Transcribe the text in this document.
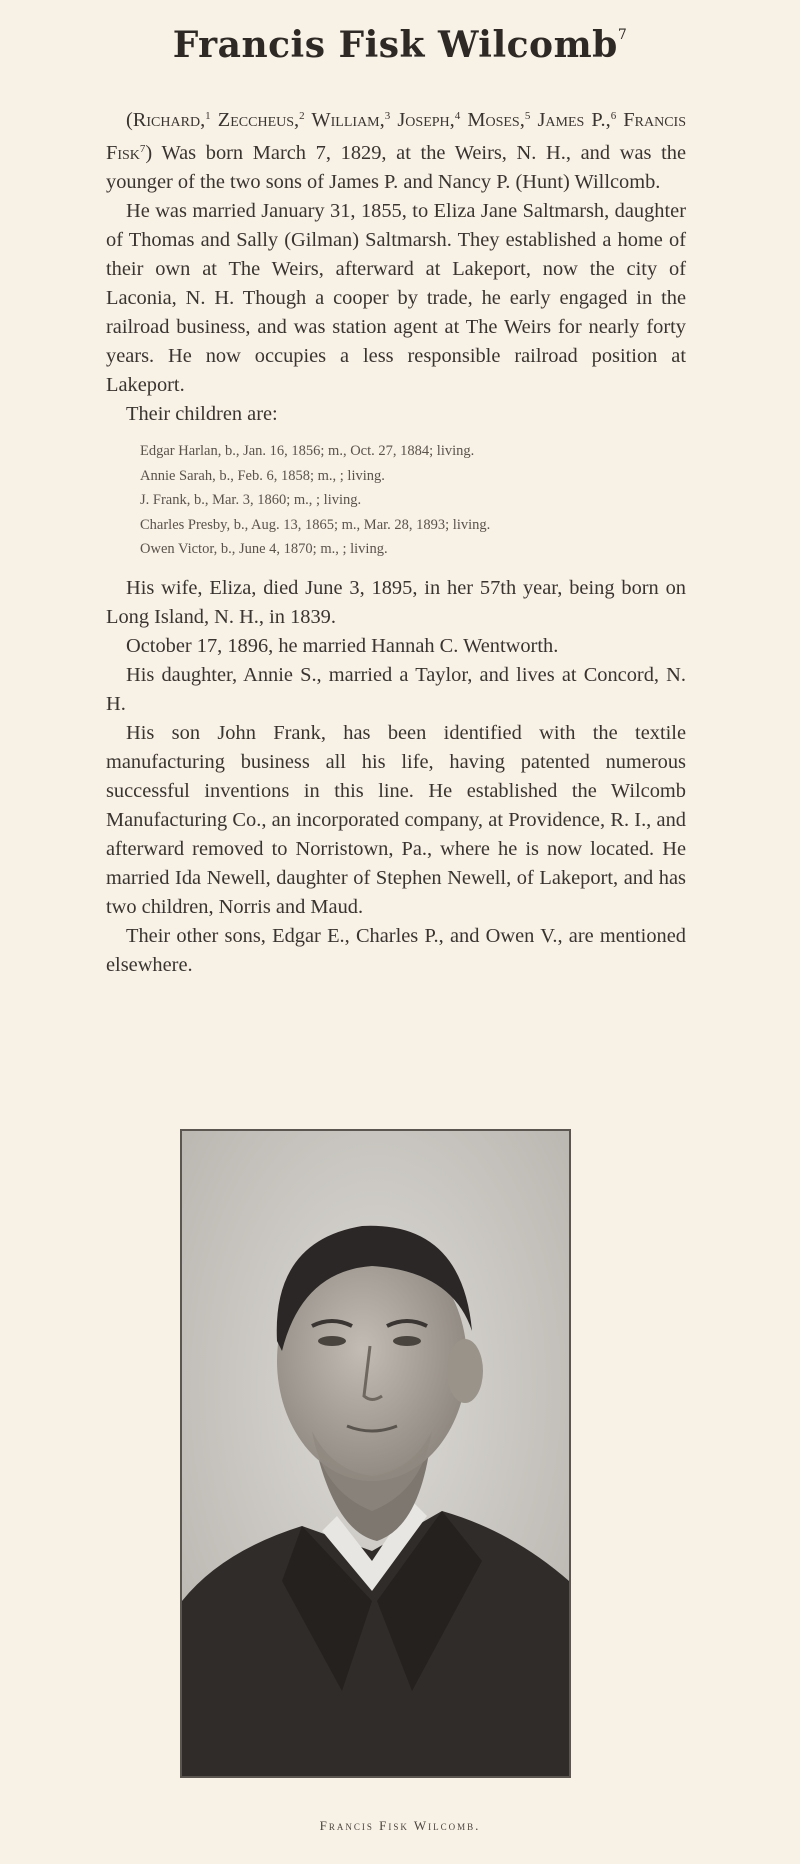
Francis Fisk Wilcomb$^7$

(Richard,$^1$ Zeccheus,$^2$ William,$^3$ Joseph,$^4$ Moses,$^5$ James P.,$^6$ Francis Fisk$^7$) Was born March 7, 1829, at the Weirs, N. H., and was the younger of the two sons of James P. and Nancy P. (Hunt) Willcomb.

He was married January 31, 1855, to Eliza Jane Saltmarsh, daughter of Thomas and Sally (Gilman) Saltmarsh. They established a home of their own at The Weirs, afterward at Lakeport, now the city of Laconia, N. H. Though a cooper by trade, he early engaged in the railroad business, and was station agent at The Weirs for nearly forty years. He now occupies a less responsible railroad position at Lakeport.

Their children are:

Edgar Harlan, b., Jan. 16, 1856; m., Oct. 27, 1884; living.
Annie Sarah, b., Feb. 6, 1858; m., ; living.
J. Frank, b., Mar. 3, 1860; m., ; living.
Charles Presby, b., Aug. 13, 1865; m., Mar. 28, 1893; living.
Owen Victor, b., June 4, 1870; m., ; living.

His wife, Eliza, died June 3, 1895, in her 57th year, being born on Long Island, N. H., in 1839.

October 17, 1896, he married Hannah C. Wentworth.

His daughter, Annie S., married a Taylor, and lives at Concord, N. H.

His son John Frank, has been identified with the textile manufacturing business all his life, having patented numerous successful inventions in this line. He established the Wilcomb Manufacturing Co., an incorporated company, at Providence, R. I., and afterward removed to Norristown, Pa., where he is now located. He married Ida Newell, daughter of Stephen Newell, of Lakeport, and has two children, Norris and Maud.

Their other sons, Edgar E., Charles P., and Owen V., are mentioned elsewhere.

Francis Fisk Wilcomb.
